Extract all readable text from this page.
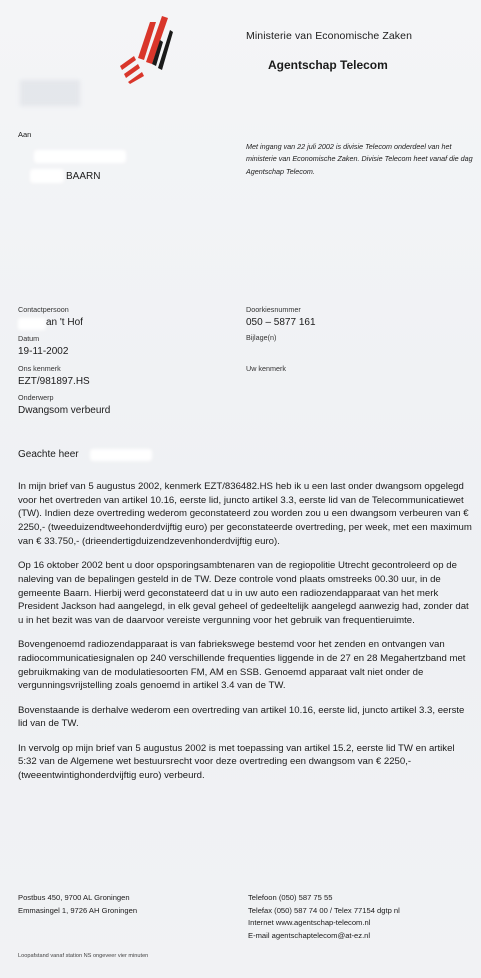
Ministerie van Economische Zaken
Agentschap Telecom
Aan
BAARN
Met ingang van 22 juli 2002 is divisie Telecom onderdeel van het ministerie van Economische Zaken. Divisie Telecom heet vanaf die dag Agentschap Telecom.
Contactpersoon
an 't Hof
Doorkiesnummer
050 – 5877 161
Bijlage(n)
Datum
19-11-2002
Ons kenmerk
EZT/981897.HS
Uw kenmerk
Onderwerp
Dwangsom verbeurd
Geachte heer

In mijn brief van 5 augustus 2002, kenmerk EZT/836482.HS heb ik u een last onder dwangsom opgelegd voor het overtreden van artikel 10.16, eerste lid, juncto artikel 3.3, eerste lid van de Telecommunicatiewet (TW). Indien deze overtreding wederom geconstateerd zou worden zou u een dwangsom verbeuren van € 2250,- (tweeduizendtweehonderdvijftig euro) per geconstateerde overtreding, per week, met een maximum van € 33.750,- (drieendertigduizendzevenhonderdvijftig euro).

Op 16 oktober 2002 bent u door opsporingsambtenaren van de regiopolitie Utrecht gecontroleerd op de naleving van de bepalingen gesteld in de TW. Deze controle vond plaats omstreeks 00.30 uur, in de gemeente Baarn. Hierbij werd geconstateerd dat u in uw auto een radiozendapparaat van het merk President Jackson had aangelegd, in elk geval geheel of gedeeltelijk aangelegd aanwezig had, zonder dat u in het bezit was van de daarvoor vereiste vergunning voor het gebruik van frequentieruimte.

Bovengenoemd radiozendapparaat is van fabriekswege bestemd voor het zenden en ontvangen van radiocommunicatiesignalen op 240 verschillende frequenties liggende in de 27 en 28 Megahertzband met gebruikmaking van de modulatiesoorten FM, AM en SSB. Genoemd apparaat valt niet onder de vergunningsvrijstelling zoals genoemd in artikel 3.4 van de TW.

Bovenstaande is derhalve wederom een overtreding van artikel 10.16, eerste lid, juncto artikel 3.3, eerste lid van de TW.

In vervolg op mijn brief van 5 augustus 2002 is met toepassing van artikel 15.2, eerste lid TW en artikel 5:32 van de Algemene wet bestuursrecht voor deze overtreding een dwangsom van € 2250,- (tweeentwintighonderdvijftig euro) verbeurd.

Postbus 450, 9700 AL Groningen
Emmasingel 1, 9726 AH Groningen
Telefoon (050) 587 75 55
Telefax (050) 587 74 00 / Telex 77154 dgtp nl
Internet www.agentschap-telecom.nl
E-mail agentschaptelecom@at-ez.nl
Loopafstand vanaf station NS ongeveer vier minuten
